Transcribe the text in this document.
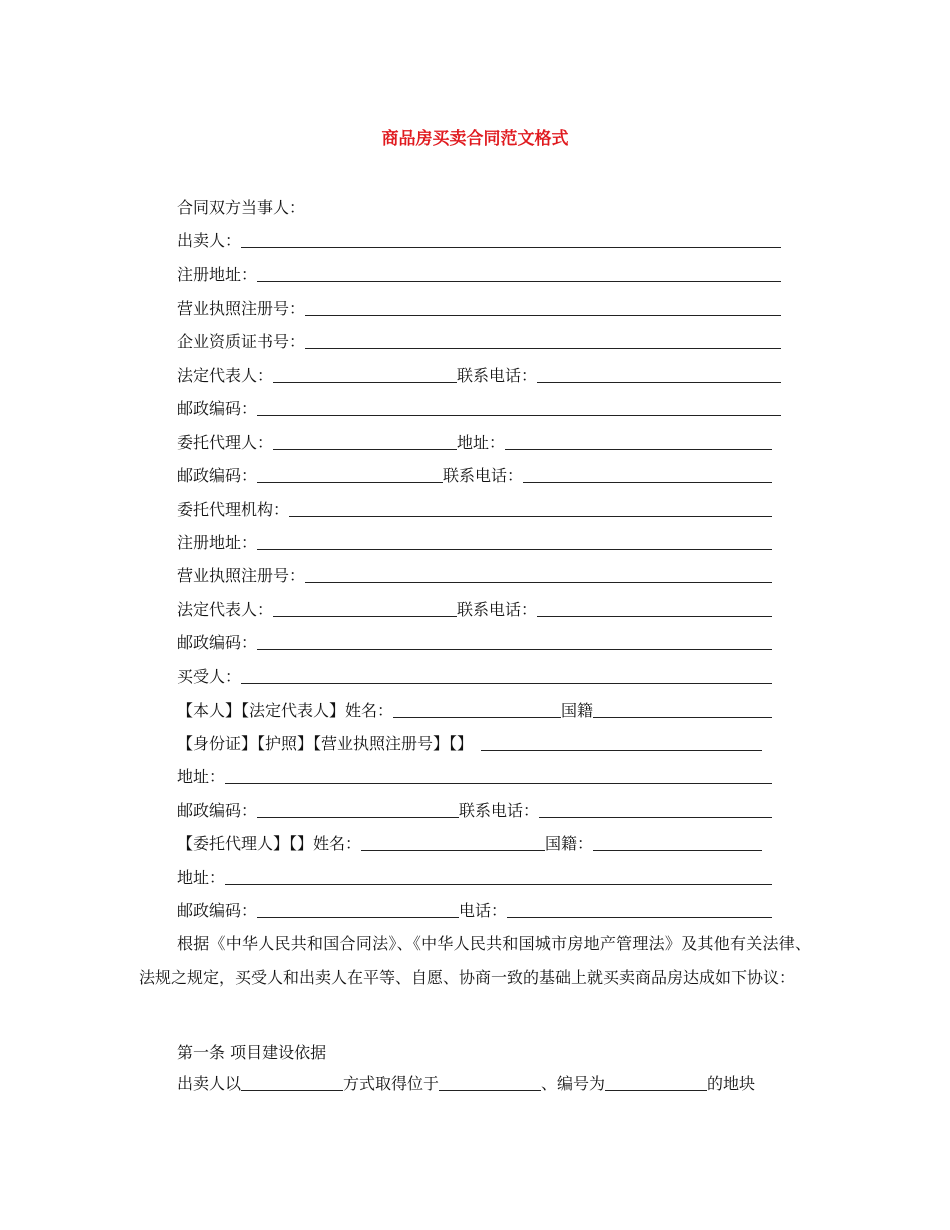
商品房买卖合同范文格式
合同双方当事人：
出卖人：
注册地址：
营业执照注册号：
企业资质证书号：
法定代表人：	联系电话：
邮政编码：
委托代理人：	地址：
邮政编码：	联系电话：
委托代理机构：
注册地址：
营业执照注册号：
法定代表人：	联系电话：
邮政编码：
买受人：
【本人】【法定代表人】姓名：	国籍
【身份证】【护照】【营业执照注册号】【】
地址：
邮政编码：	联系电话：
【委托代理人】【】姓名：	国籍：
地址：
邮政编码：	电话：
根据《中华人民共和国合同法》、《中华人民共和国城市房地产管理法》及其他有关法律、法规之规定，买受人和出卖人在平等、自愿、协商一致的基础上就买卖商品房达成如下协议：
第一条 项目建设依据
出卖人以	方式取得位于	、编号为	的地块
